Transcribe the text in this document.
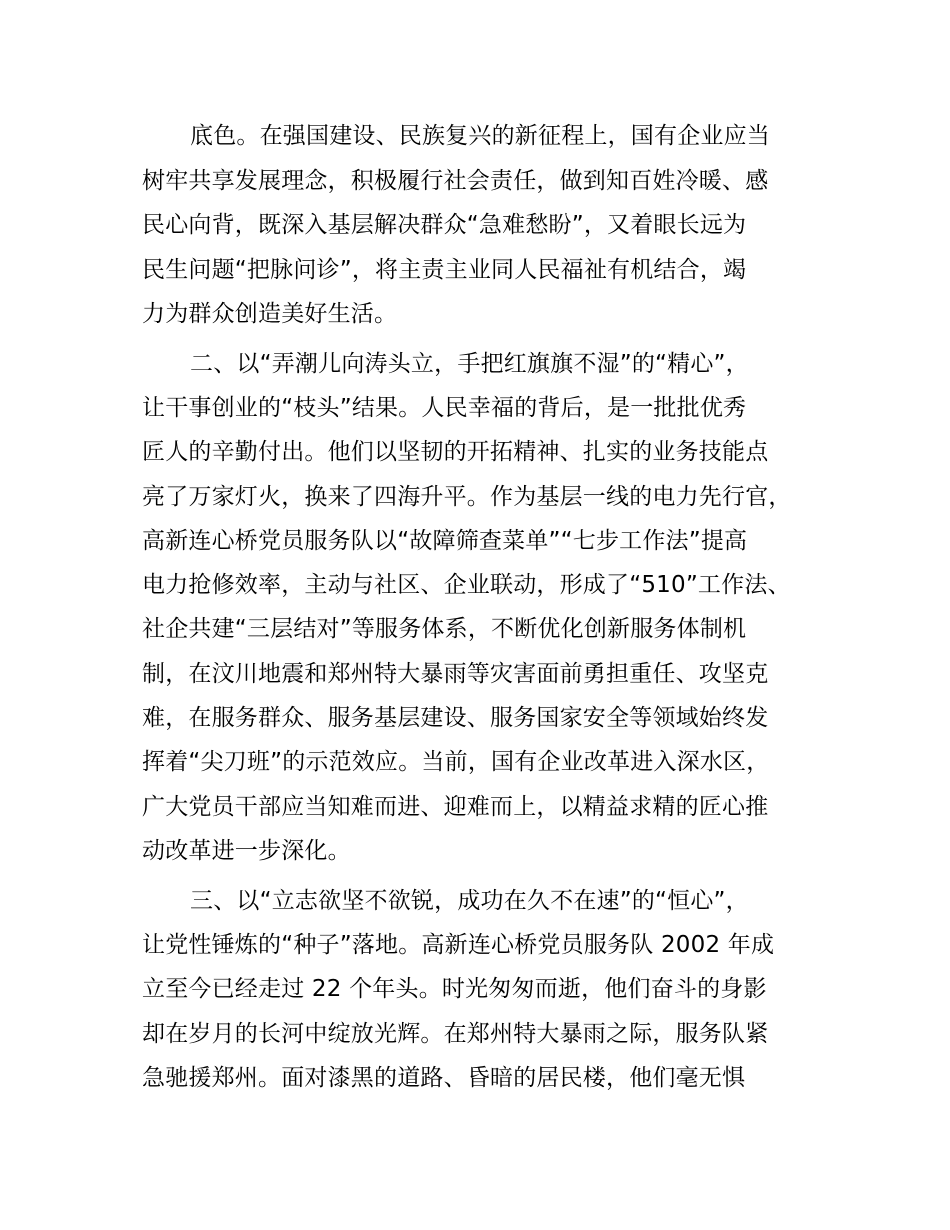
底色。在强国建设、民族复兴的新征程上，国有企业应当
树牢共享发展理念，积极履行社会责任，做到知百姓冷暖、感
民心向背，既深入基层解决群众“急难愁盼”，又着眼长远为
民生问题“把脉问诊”，将主责主业同人民福祉有机结合，竭
力为群众创造美好生活。
二、以“弄潮儿向涛头立，手把红旗旗不湿”的“精心”，
让干事创业的“枝头”结果。人民幸福的背后，是一批批优秀
匠人的辛勤付出。他们以坚韧的开拓精神、扎实的业务技能点
亮了万家灯火，换来了四海升平。作为基层一线的电力先行官，
高新连心桥党员服务队以“故障筛查菜单”“七步工作法”提高
电力抢修效率，主动与社区、企业联动，形成了“510”工作法、
社企共建“三层结对”等服务体系，不断优化创新服务体制机
制，在汶川地震和郑州特大暴雨等灾害面前勇担重任、攻坚克
难，在服务群众、服务基层建设、服务国家安全等领域始终发
挥着“尖刀班”的示范效应。当前，国有企业改革进入深水区，
广大党员干部应当知难而进、迎难而上，以精益求精的匠心推
动改革进一步深化。
三、以“立志欲坚不欲锐，成功在久不在速”的“恒心”，
让党性锤炼的“种子”落地。高新连心桥党员服务队 2002 年成
立至今已经走过 22 个年头。时光匆匆而逝，他们奋斗的身影
却在岁月的长河中绽放光辉。在郑州特大暴雨之际，服务队紧
急驰援郑州。面对漆黑的道路、昏暗的居民楼，他们毫无惧
